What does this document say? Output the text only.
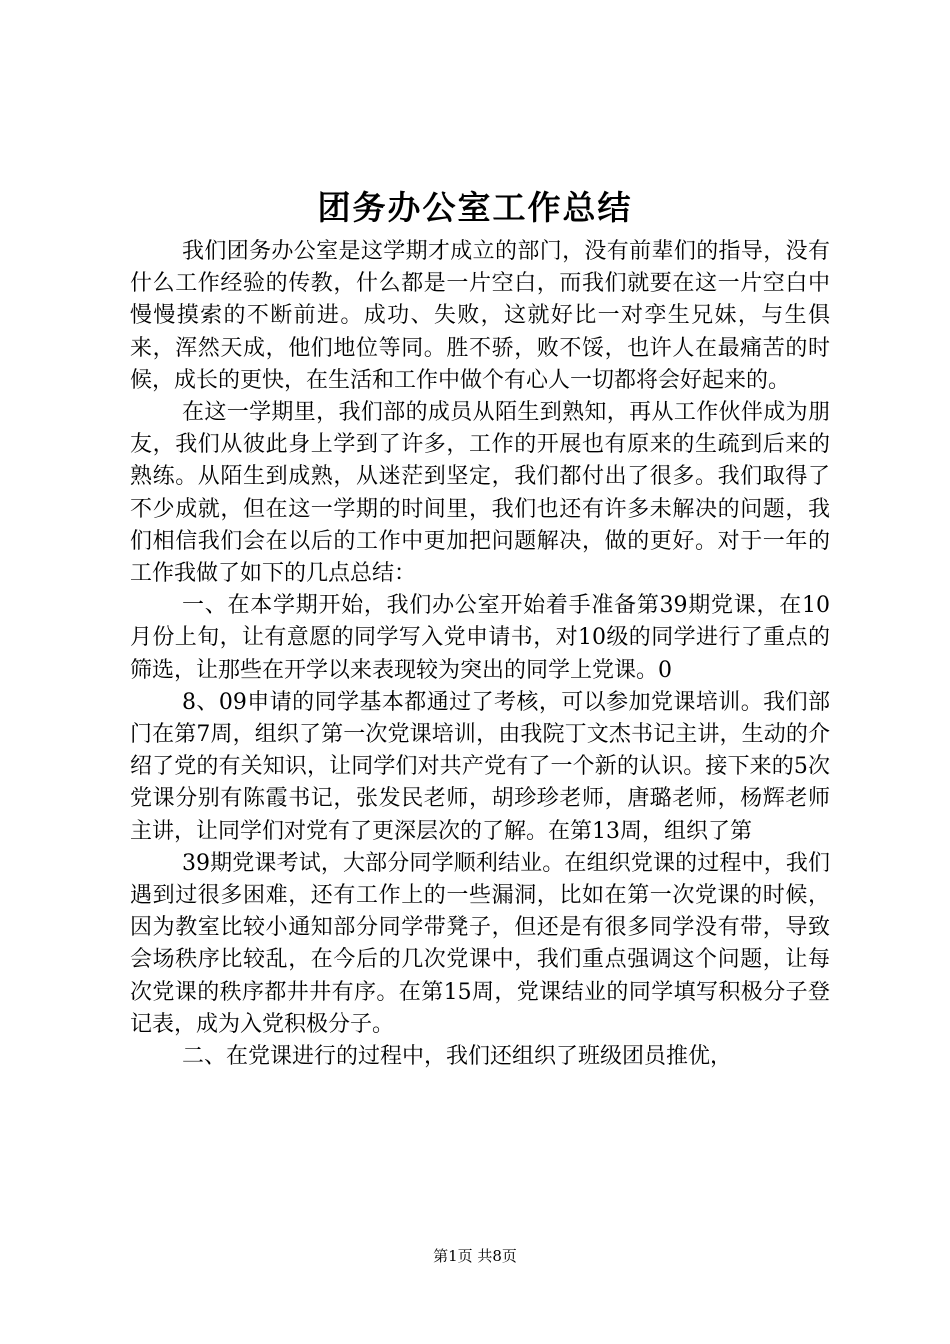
团务办公室工作总结

我们团务办公室是这学期才成立的部门，没有前辈们的指导，没有什么工作经验的传教，什么都是一片空白，而我们就要在这一片空白中慢慢摸索的不断前进。成功、失败，这就好比一对孪生兄妹，与生俱来，浑然天成，他们地位等同。胜不骄，败不馁，也许人在最痛苦的时候，成长的更快，在生活和工作中做个有心人一切都将会好起来的。

在这一学期里，我们部的成员从陌生到熟知，再从工作伙伴成为朋友，我们从彼此身上学到了许多，工作的开展也有原来的生疏到后来的熟练。从陌生到成熟，从迷茫到坚定，我们都付出了很多。我们取得了不少成就，但在这一学期的时间里，我们也还有许多未解决的问题，我们相信我们会在以后的工作中更加把问题解决，做的更好。对于一年的工作我做了如下的几点总结：

一、在本学期开始，我们办公室开始着手准备第39期党课，在10月份上旬，让有意愿的同学写入党申请书，对10级的同学进行了重点的筛选，让那些在开学以来表现较为突出的同学上党课。0

8、09申请的同学基本都通过了考核，可以参加党课培训。我们部门在第7周，组织了第一次党课培训，由我院丁文杰书记主讲，生动的介绍了党的有关知识，让同学们对共产党有了一个新的认识。接下来的5次党课分别有陈霞书记，张发民老师，胡珍珍老师，唐璐老师，杨辉老师主讲，让同学们对党有了更深层次的了解。在第13周，组织了第

39期党课考试，大部分同学顺利结业。在组织党课的过程中，我们遇到过很多困难，还有工作上的一些漏洞，比如在第一次党课的时候，因为教室比较小通知部分同学带凳子，但还是有很多同学没有带，导致会场秩序比较乱，在今后的几次党课中，我们重点强调这个问题，让每次党课的秩序都井井有序。在第15周，党课结业的同学填写积极分子登记表，成为入党积极分子。

二、在党课进行的过程中，我们还组织了班级团员推优，

第1页 共8页
